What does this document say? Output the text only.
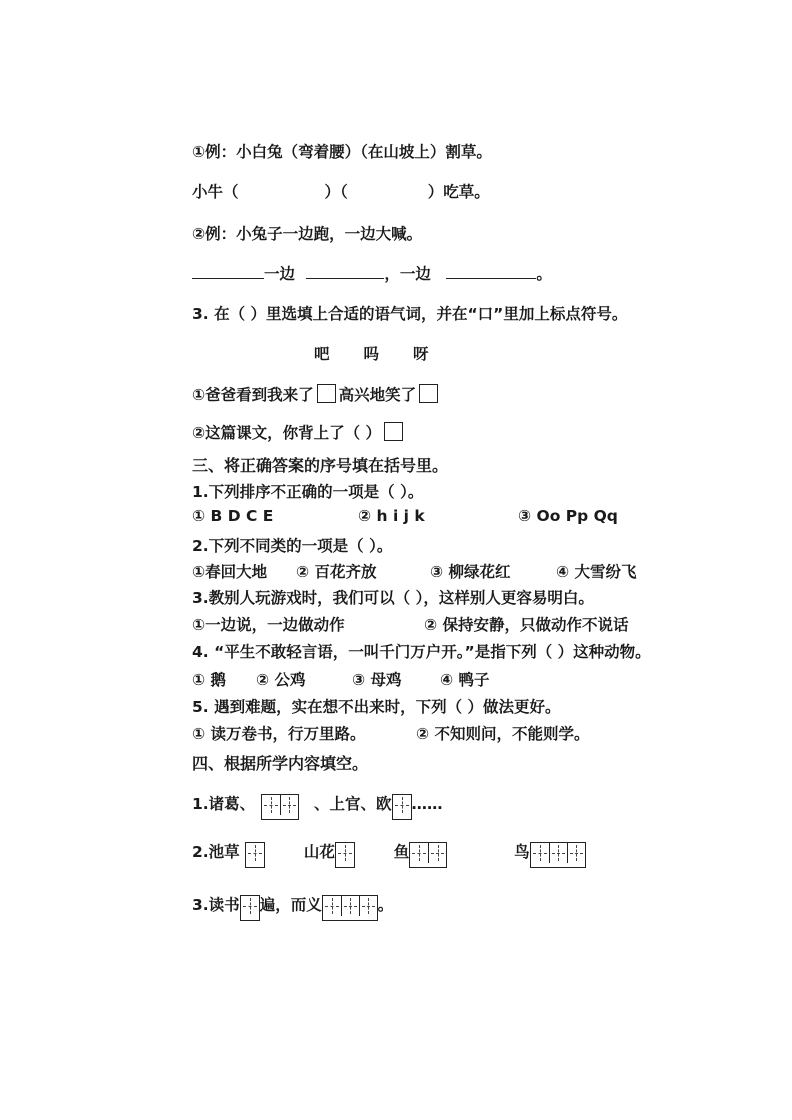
①例：小白兔（弯着腰）（在山坡上）割草。
小牛（	）（	）吃草。
②例：小兔子一边跑，一边大喊。
一边	，一边	。
3. 在（ ）里选填上合适的语气词，并在“口”里加上标点符号。
吧 吗 呀
①爸爸看到我来了 高兴地笑了
②这篇课文，你背上了（ ）
三、将正确答案的序号填在括号里。
1.下列排序不正确的一项是（ ）。
① B D C E	② h i j k	③ Oo Pp Qq
2.下列不同类的一项是（ ）。
①春回大地 ② 百花齐放	③ 柳绿花红	④ 大雪纷飞
3.教别人玩游戏时，我们可以（ ），这样别人更容易明白。
①一边说，一边做动作	② 保持安静，只做动作不说话
4. “平生不敢轻言语，一叫千门万户开。”是指下列（ ）这种动物。
① 鹅 ② 公鸡	③ 母鸡 ④ 鸭子
5. 遇到难题，实在想不出来时，下列（ ）做法更好。
① 读万卷书，行万里路。	② 不知则问，不能则学。
四、根据所学内容填空。
1.诸葛、	、上官、欧 ……
2.池草	山花	鱼	鸟
3.读书 遍，而义	。
